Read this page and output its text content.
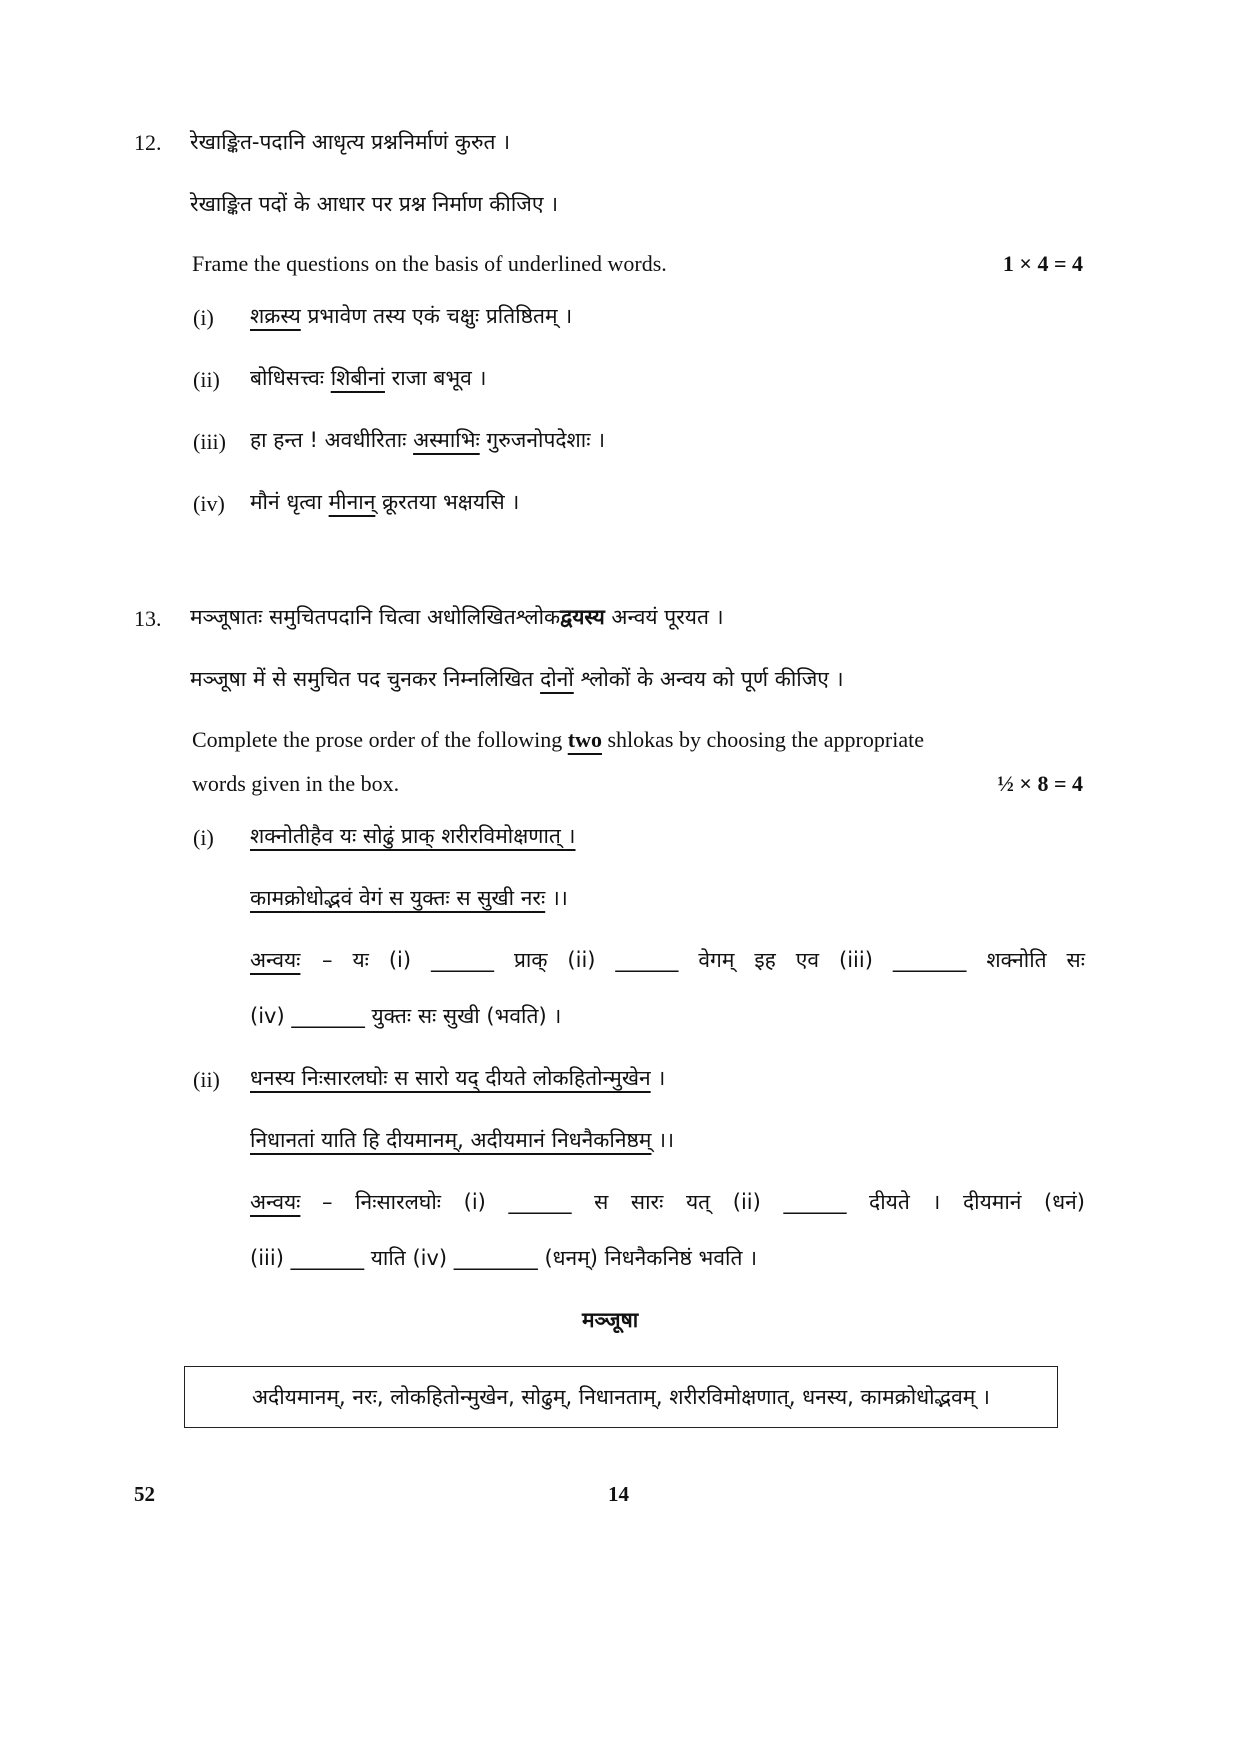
12. रेखाङ्कित-पदानि आधृत्य प्रश्ननिर्माणं कुरुत ।
रेखाङ्कित पदों के आधार पर प्रश्न निर्माण कीजिए ।
Frame the questions on the basis of underlined words.	1 × 4 = 4
(i) शक्रस्य प्रभावेण तस्य एकं चक्षुः प्रतिष्ठितम् ।
(ii) बोधिसत्त्वः शिबीनां राजा बभूव ।
(iii) हा हन्त ! अवधीरिताः अस्माभिः गुरुजनोपदेशाः ।
(iv) मौनं धृत्वा मीनान् क्रूरतया भक्षयसि ।
13. मञ्जूषातः समुचितपदानि चित्वा अधोलिखितश्लोकद्वयस्य अन्वयं पूरयत ।
मञ्जूषा में से समुचित पद चुनकर निम्नलिखित दोनों श्लोकों के अन्वय को पूर्ण कीजिए ।
Complete the prose order of the following two shlokas by choosing the appropriate
words given in the box.	½ × 8 = 4
(i) शक्नोतीहैव यः सोढुं प्राक् शरीरविमोक्षणात् ।
कामक्रोधोद्भवं वेगं स युक्तः स सुखी नरः ।।
अन्वयः – यः (i) ______ प्राक् (ii) ______ वेगम् इह एव (iii) _______ शक्नोति सः
(iv) _______ युक्तः सः सुखी (भवति) ।
(ii) धनस्य निःसारलघोः स सारो यद् दीयते लोकहितोन्मुखेन ।
निधानतां याति हि दीयमानम्, अदीयमानं निधनैकनिष्ठम् ।।
अन्वयः – निःसारलघोः (i) ______ स सारः यत् (ii) ______ दीयते । दीयमानं (धनं)
(iii) _______ याति (iv) ________ (धनम्) निधनैकनिष्ठं भवति ।
मञ्जूषा
अदीयमानम्, नरः, लोकहितोन्मुखेन, सोढुम्, निधानताम्, शरीरविमोक्षणात्, धनस्य, कामक्रोधोद्भवम् ।
52	14
